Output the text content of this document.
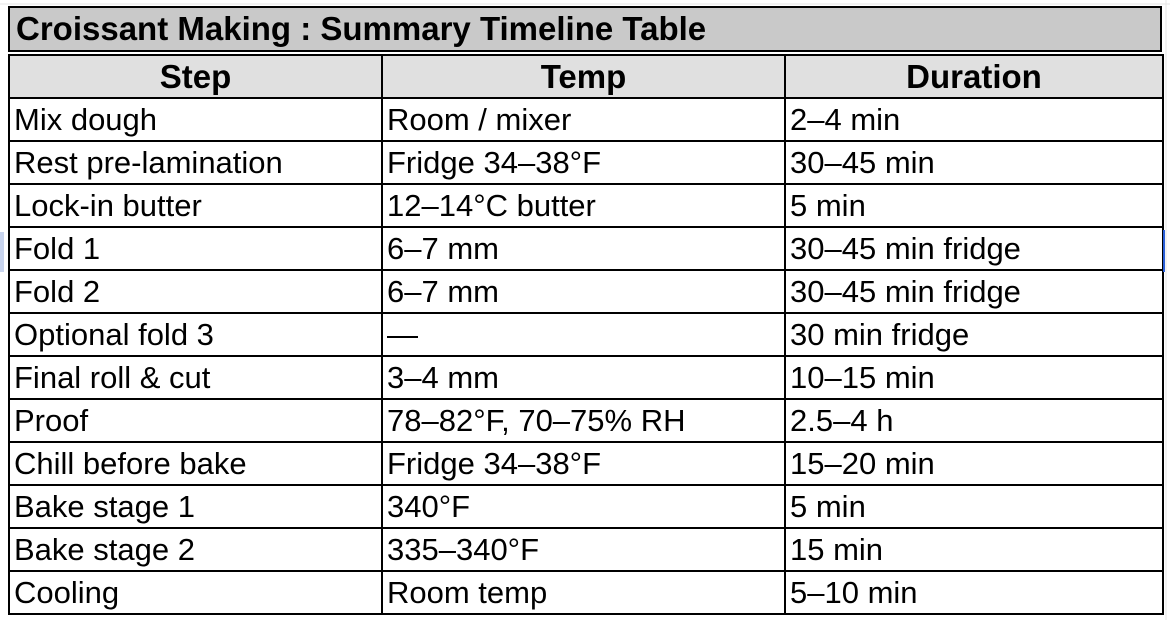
Croissant Making : Summary Timeline Table
Step	Temp	Duration
Mix dough	Room / mixer	2–4 min
Rest pre-lamination	Fridge 34–38°F	30–45 min
Lock-in butter	12–14°C butter	5 min
Fold 1	6–7 mm	30–45 min fridge
Fold 2	6–7 mm	30–45 min fridge
Optional fold 3	—	30 min fridge
Final roll & cut	3–4 mm	10–15 min
Proof	78–82°F, 70–75% RH	2.5–4 h
Chill before bake	Fridge 34–38°F	15–20 min
Bake stage 1	340°F	5 min
Bake stage 2	335–340°F	15 min
Cooling	Room temp	5–10 min
